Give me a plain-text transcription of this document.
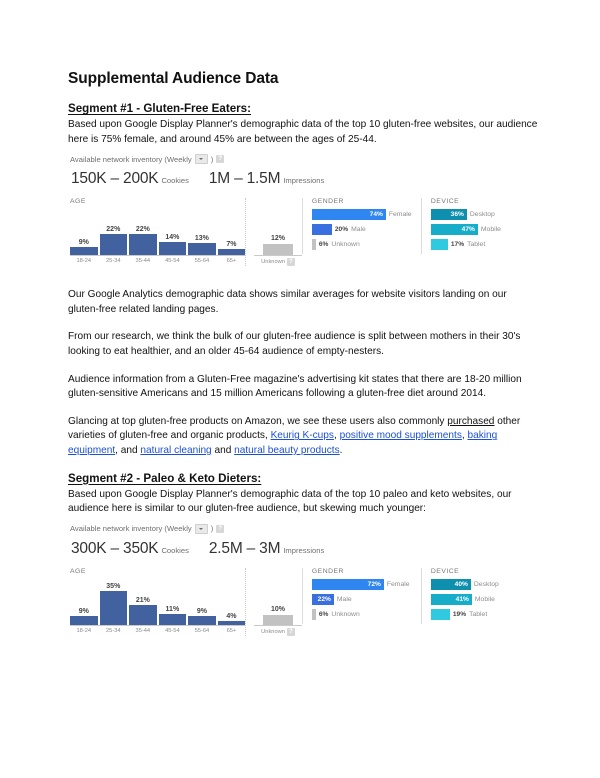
Supplemental Audience Data
Segment #1 - Gluten-Free Eaters:

Based upon Google Display Planner's demographic data of the top 10 gluten-free websites, our audience here is 75% female, and around 45% are between the ages of 25-44.

Available network inventory (Weekly	) ?
150K – 200K Cookies 1M – 1.5M Impressions
AGE
9%
22% 22%
14% 13%
7%
18-24	25-34	35-44	45-54	55-64	65+
12%
Unknown ?
GENDER
74% Female
20% Male
6% Unknown
DEVICE
36% Desktop
47% Mobile
17% Tablet

Our Google Analytics demographic data shows similar averages for website visitors landing on our gluten-free related landing pages.

From our research, we think the bulk of our gluten-free audience is split between mothers in their 30's looking to eat healthier, and an older 45-64 audience of empty-nesters.

Audience information from a Gluten-Free magazine's advertising kit states that there are 18-20 million gluten-sensitive Americans and 15 million Americans following a gluten-free diet around 2014.

Glancing at top gluten-free products on Amazon, we see these users also commonly purchased other varieties of gluten-free and organic products, Keurig K-cups, positive mood supplements, baking equipment, and natural cleaning and natural beauty products.

Segment #2 - Paleo & Keto Dieters:

Based upon Google Display Planner's demographic data of the top 10 paleo and keto websites, our audience here is similar to our gluten-free audience, but skewing much younger:

Available network inventory (Weekly	) ?
300K – 350K Cookies 2.5M – 3M Impressions
AGE
9%
35%
21%
11%	9%
4%
18-24	25-34	35-44	45-54	55-64	65+
10%
Unknown ?
GENDER
72% Female
22% Male
6% Unknown
DEVICE
40% Desktop
41% Mobile
19% Tablet
